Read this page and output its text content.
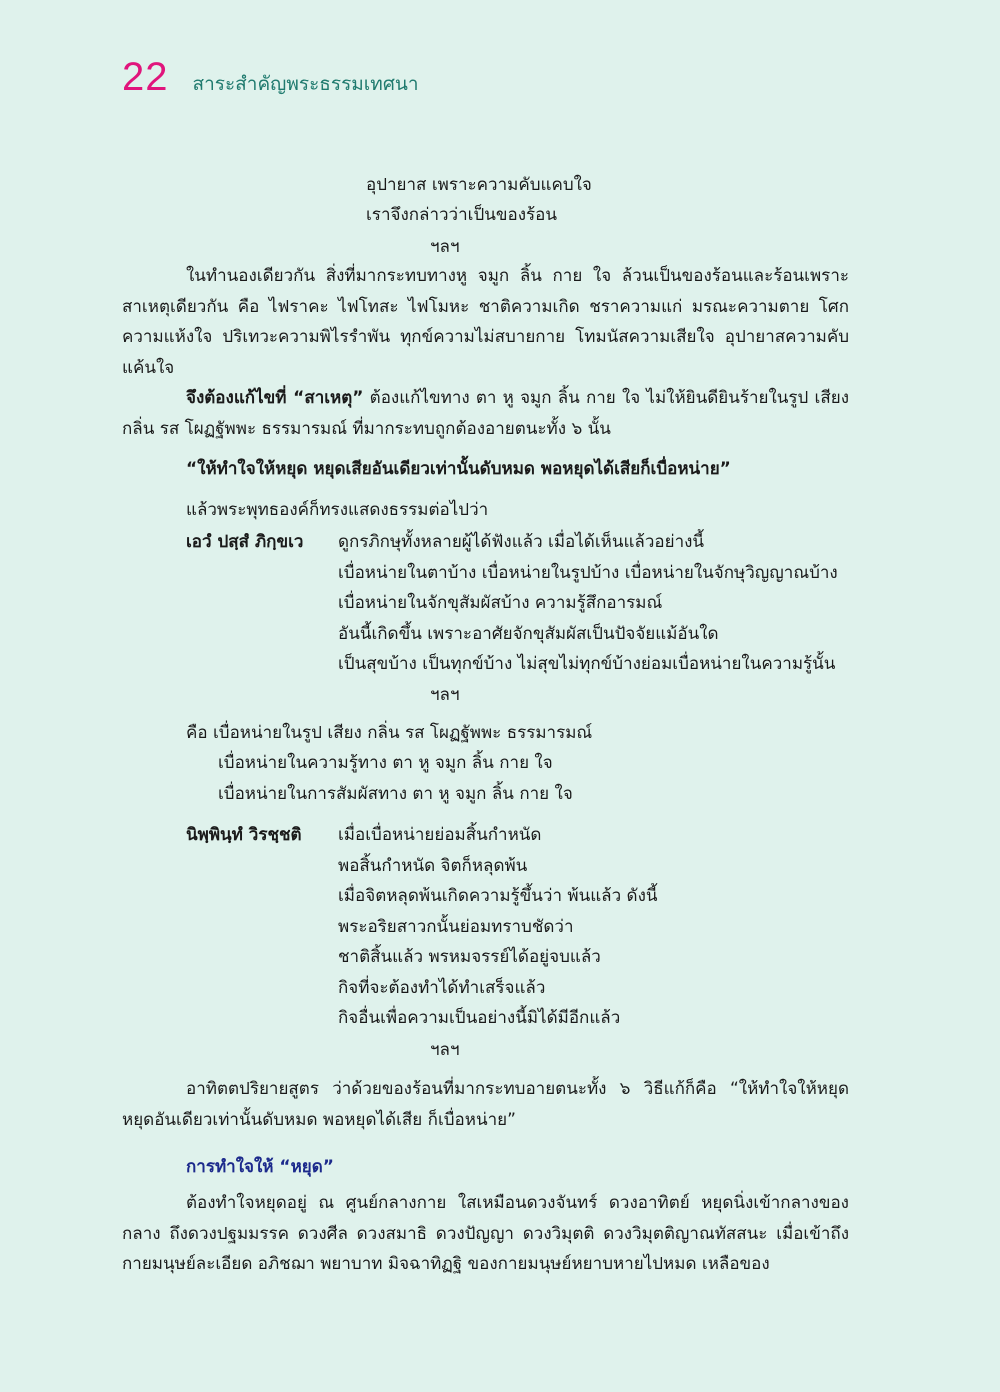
22 สาระสำคัญพระธรรมเทศนา
อุปายาส เพราะความคับแคบใจ
เราจึงกล่าวว่าเป็นของร้อน
ฯลฯ
ในทำนองเดียวกัน สิ่งที่มากระทบทางหู จมูก ลิ้น กาย ใจ ล้วนเป็นของร้อนและร้อนเพราะสาเหตุเดียวกัน คือ ไฟราคะ ไฟโทสะ ไฟโมหะ ชาติความเกิด ชราความแก่ มรณะความตาย โศกความแห้งใจ ปริเทวะความพิไรรำพัน ทุกข์ความไม่สบายกาย โทมนัสความเสียใจ อุปายาสความคับแค้นใจ
จึงต้องแก้ไขที่ “สาเหตุ” ต้องแก้ไขทาง ตา หู จมูก ลิ้น กาย ใจ ไม่ให้ยินดียินร้ายในรูป เสียง กลิ่น รส โผฏฐัพพะ ธรรมารมณ์ ที่มากระทบถูกต้องอายตนะทั้ง ๖ นั้น
“ให้ทำใจให้หยุด หยุดเสียอันเดียวเท่านั้นดับหมด พอหยุดได้เสียก็เบื่อหน่าย”
แล้วพระพุทธองค์ก็ทรงแสดงธรรมต่อไปว่า
เอวํ ปสฺสํ ภิกฺขเว ดูกรภิกษุทั้งหลายผู้ได้ฟังแล้ว เมื่อได้เห็นแล้วอย่างนี้
เบื่อหน่ายในตาบ้าง เบื่อหน่ายในรูปบ้าง เบื่อหน่ายในจักษุวิญญาณบ้าง
เบื่อหน่ายในจักขุสัมผัสบ้าง ความรู้สึกอารมณ์
อันนี้เกิดขึ้น เพราะอาศัยจักขุสัมผัสเป็นปัจจัยแม้อันใด
เป็นสุขบ้าง เป็นทุกข์บ้าง ไม่สุขไม่ทุกข์บ้างย่อมเบื่อหน่ายในความรู้นั้น
ฯลฯ
คือ เบื่อหน่ายในรูป เสียง กลิ่น รส โผฏฐัพพะ ธรรมารมณ์
เบื่อหน่ายในความรู้ทาง ตา หู จมูก ลิ้น กาย ใจ
เบื่อหน่ายในการสัมผัสทาง ตา หู จมูก ลิ้น กาย ใจ
นิพฺพินฺทํ วิรชฺชติ เมื่อเบื่อหน่ายย่อมสิ้นกำหนัด
พอสิ้นกำหนัด จิตก็หลุดพ้น
เมื่อจิตหลุดพ้นเกิดความรู้ขึ้นว่า พ้นแล้ว ดังนี้
พระอริยสาวกนั้นย่อมทราบชัดว่า
ชาติสิ้นแล้ว พรหมจรรย์ได้อยู่จบแล้ว
กิจที่จะต้องทำได้ทำเสร็จแล้ว
กิจอื่นเพื่อความเป็นอย่างนี้มิได้มีอีกแล้ว
ฯลฯ
อาทิตตปริยายสูตร ว่าด้วยของร้อนที่มากระทบอายตนะทั้ง ๖ วิธีแก้ก็คือ “ให้ทำใจให้หยุด หยุดอันเดียวเท่านั้นดับหมด พอหยุดได้เสีย ก็เบื่อหน่าย”
การทำใจให้ “หยุด”
ต้องทำใจหยุดอยู่ ณ ศูนย์กลางกาย ใสเหมือนดวงจันทร์ ดวงอาทิตย์ หยุดนิ่งเข้ากลางของกลาง ถึงดวงปฐมมรรค ดวงศีล ดวงสมาธิ ดวงปัญญา ดวงวิมุตติ ดวงวิมุตติญาณทัสสนะ เมื่อเข้าถึงกายมนุษย์ละเอียด อภิชฌา พยาบาท มิจฉาทิฏฐิ ของกายมนุษย์หยาบหายไปหมด เหลือของ
